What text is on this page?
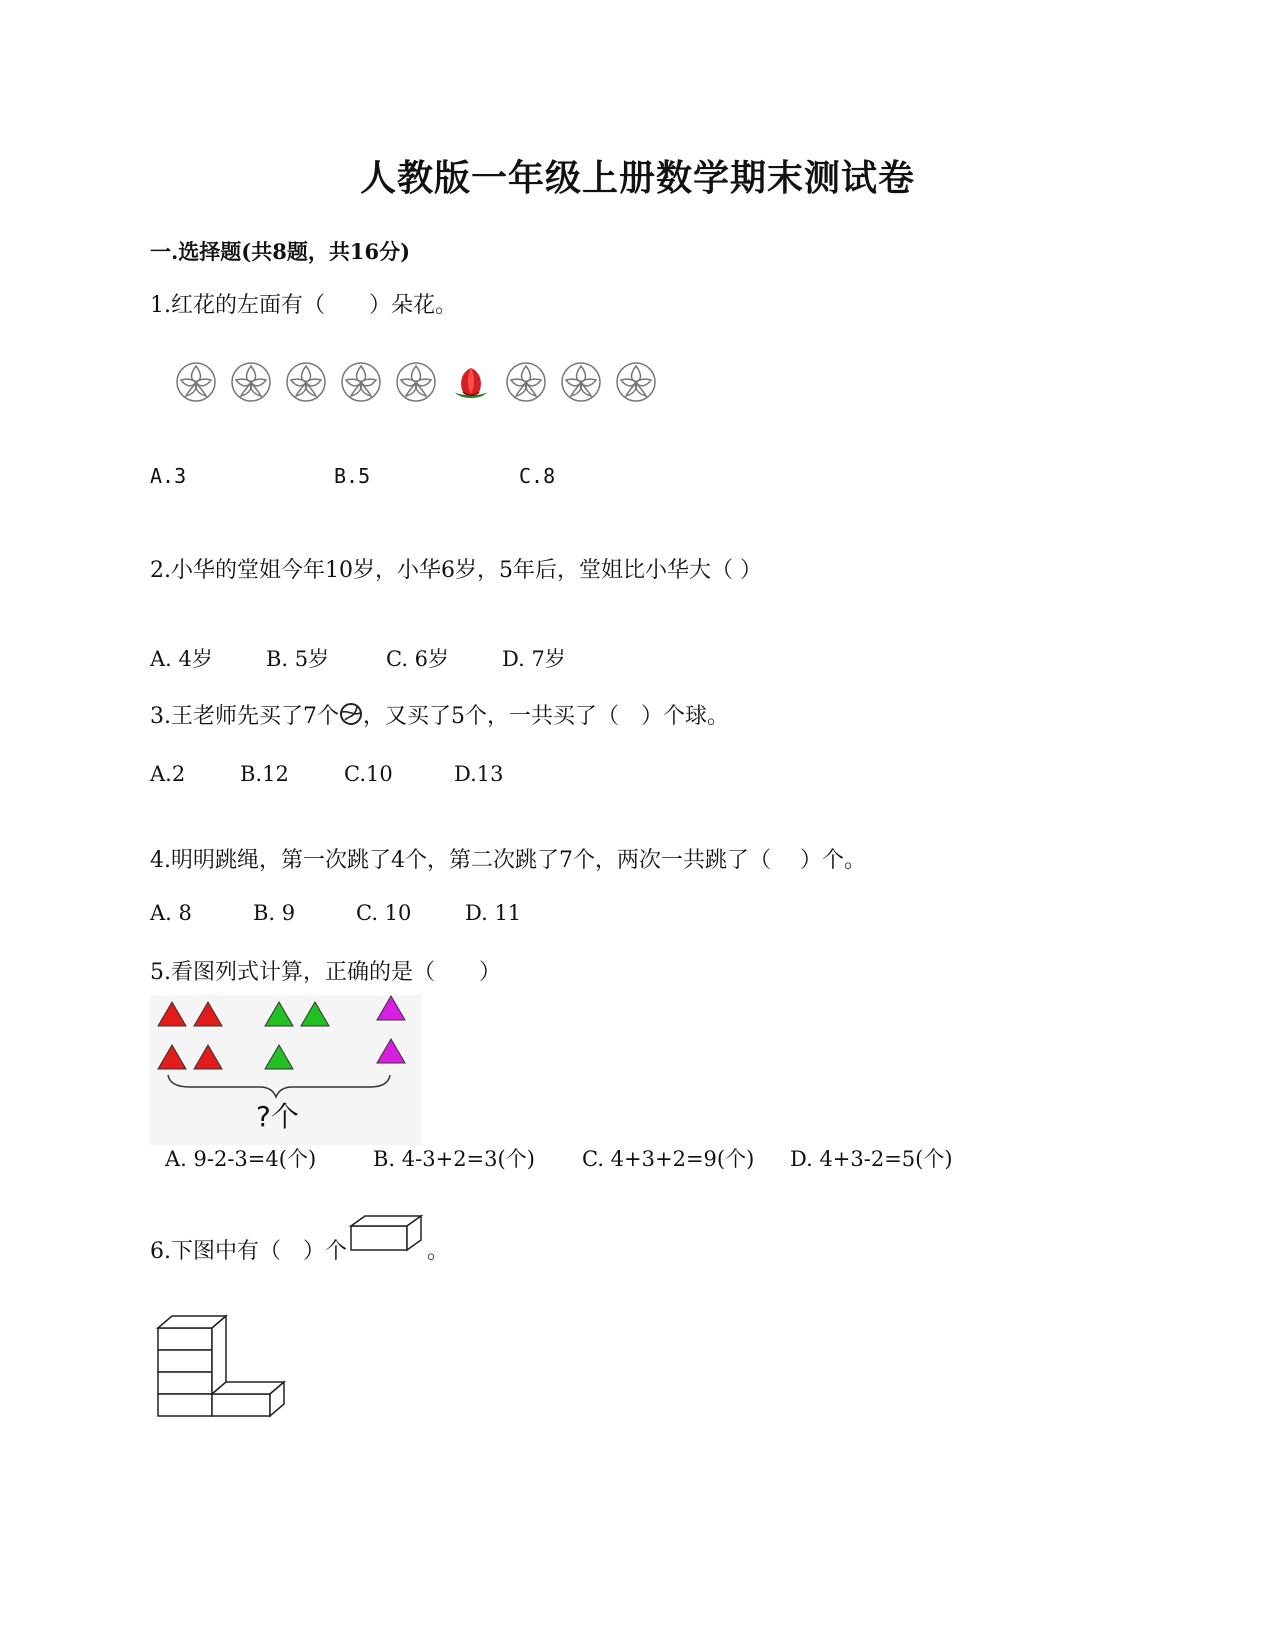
人教版一年级上册数学期末测试卷
一.选择题(共8题，共16分)
1.红花的左面有（　　）朵花。
A.3	B.5	C.8
2.小华的堂姐今年10岁，小华6岁，5年后，堂姐比小华大（ ）
A. 4岁	B. 5岁	C. 6岁	D. 7岁
3.王老师先买了7个 ，又买了5个，一共买了（　）个球。
A.2	B.12	C.10	D.13
4.明明跳绳，第一次跳了4个，第二次跳了7个，两次一共跳了（　 ）个。
A. 8	B. 9	C. 10	D. 11
5.看图列式计算，正确的是（　　）
?个
A. 9-2-3=4(个)	B. 4-3+2=3(个) C. 4+3+2=9(个) D. 4+3-2=5(个)
6.下图中有（　）个	。
